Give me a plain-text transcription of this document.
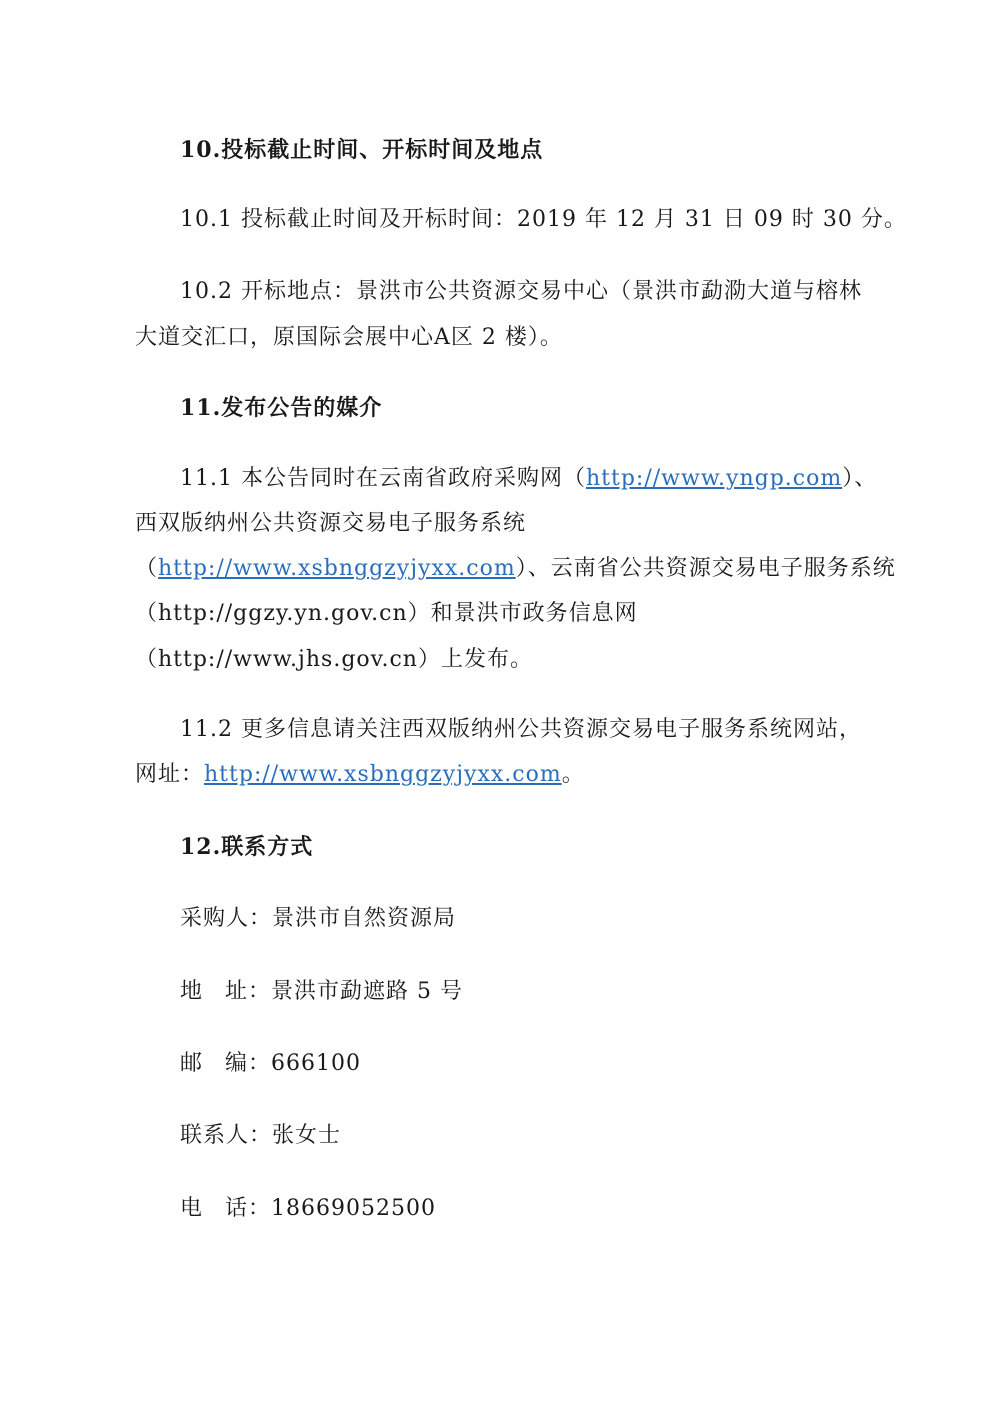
10.投标截止时间、开标时间及地点
10.1 投标截止时间及开标时间：2019 年 12 月 31 日 09 时 30 分。
10.2 开标地点：景洪市公共资源交易中心（景洪市勐泐大道与榕林
大道交汇口，原国际会展中心A区 2 楼）。
11.发布公告的媒介
11.1 本公告同时在云南省政府采购网（http://www.yngp.com）、
西双版纳州公共资源交易电子服务系统
（http://www.xsbnggzyjyxx.com）、云南省公共资源交易电子服务系统
（http://ggzy.yn.gov.cn）和景洪市政务信息网
（http://www.jhs.gov.cn）上发布。
11.2 更多信息请关注西双版纳州公共资源交易电子服务系统网站，
网址：http://www.xsbnggzyjyxx.com。
12.联系方式
采购人：景洪市自然资源局
地 址：景洪市勐遮路 5 号
邮 编：666100
联系人：张女士
电 话：18669052500
